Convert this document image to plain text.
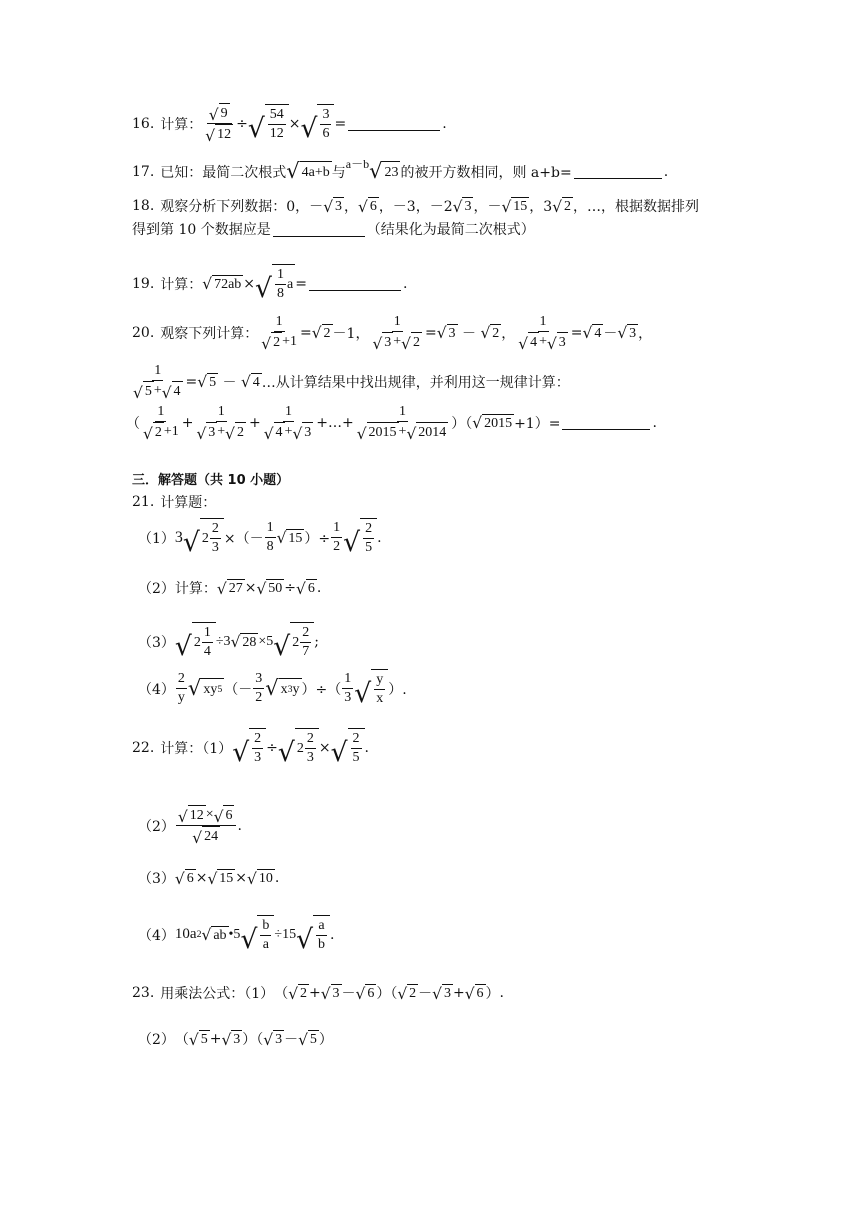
16. 计算： $\frac{√ 9}{√ 12}$ ÷ √ 54
12
× √ 3
6
=	.
17. 已知：最简二次根式 √ 4a+b 与
a－b √ 23 的被开方数相同，则 a+b=	.
18. 观察分析下列数据：0，－ √ 3 ， √ 6 ，－3，－2 √ 3 ，－ √ 15 ，3 √ 2 ，…，根据数据排列
得到第 10 个数据应是	（结果化为最简二次根式）
19. 计算： √ 72ab × √ 1
8
a =	.
20. 观察下列计算： $\frac{1}{√ 2 +1}$ = √ 2 －1， $\frac{1}{√ 3 + √ 2}$ = √ 3 － √ 2 ， $\frac{1}{√ 4 + √ 3}$ = √ 4 － √ 3 ，
$\frac{1}{√ 5 + √ 4}$ = √ 5 － √ 4 …从计算结果中找出规律，并利用这一规律计算：
（
1
√ 2 +1
+ $\frac{1}{√ 3 + √ 2} + \frac{1}{√ 4 + √ 3}$ +…+ $\frac{1}{√ 2015 + √ 2014}$ ）（ √ 2015 +1）=	.
三．解答题（共 10 小题）
21. 计算题：
（1） 3 √ 2
2
3
×（－
1
8 √ 15 ）÷ $\frac{1}{2}$ √ 2
5
.
（2） 计算： √ 27 × √ 50 ÷ √ 6 .
（3） √ 2
1
4
÷3 √ 28 ×5 √ 2
2
7
;
（4）
2
y √ xy 5 （－
3
2 √ x 3 y ）÷（
1
3 √ y
x
）.
22. 计算：（1） √ 2
3
÷ √ 2
2
3
× √ 2
5
.
（2）
√ 12 × √ 6
√ 24
.
（3） √ 6 × √ 15 × √ 10 .
（4） 10a 2 √ ab •5 √ b
a
÷15 √ a
b
.
23. 用乘法公式：（1） （ √ 2 + √ 3 － √ 6 ）（ √ 2 － √ 3 + √ 6 ） .
（2） （ √ 5 + √ 3 ）（ √ 3 － √ 5 ）
